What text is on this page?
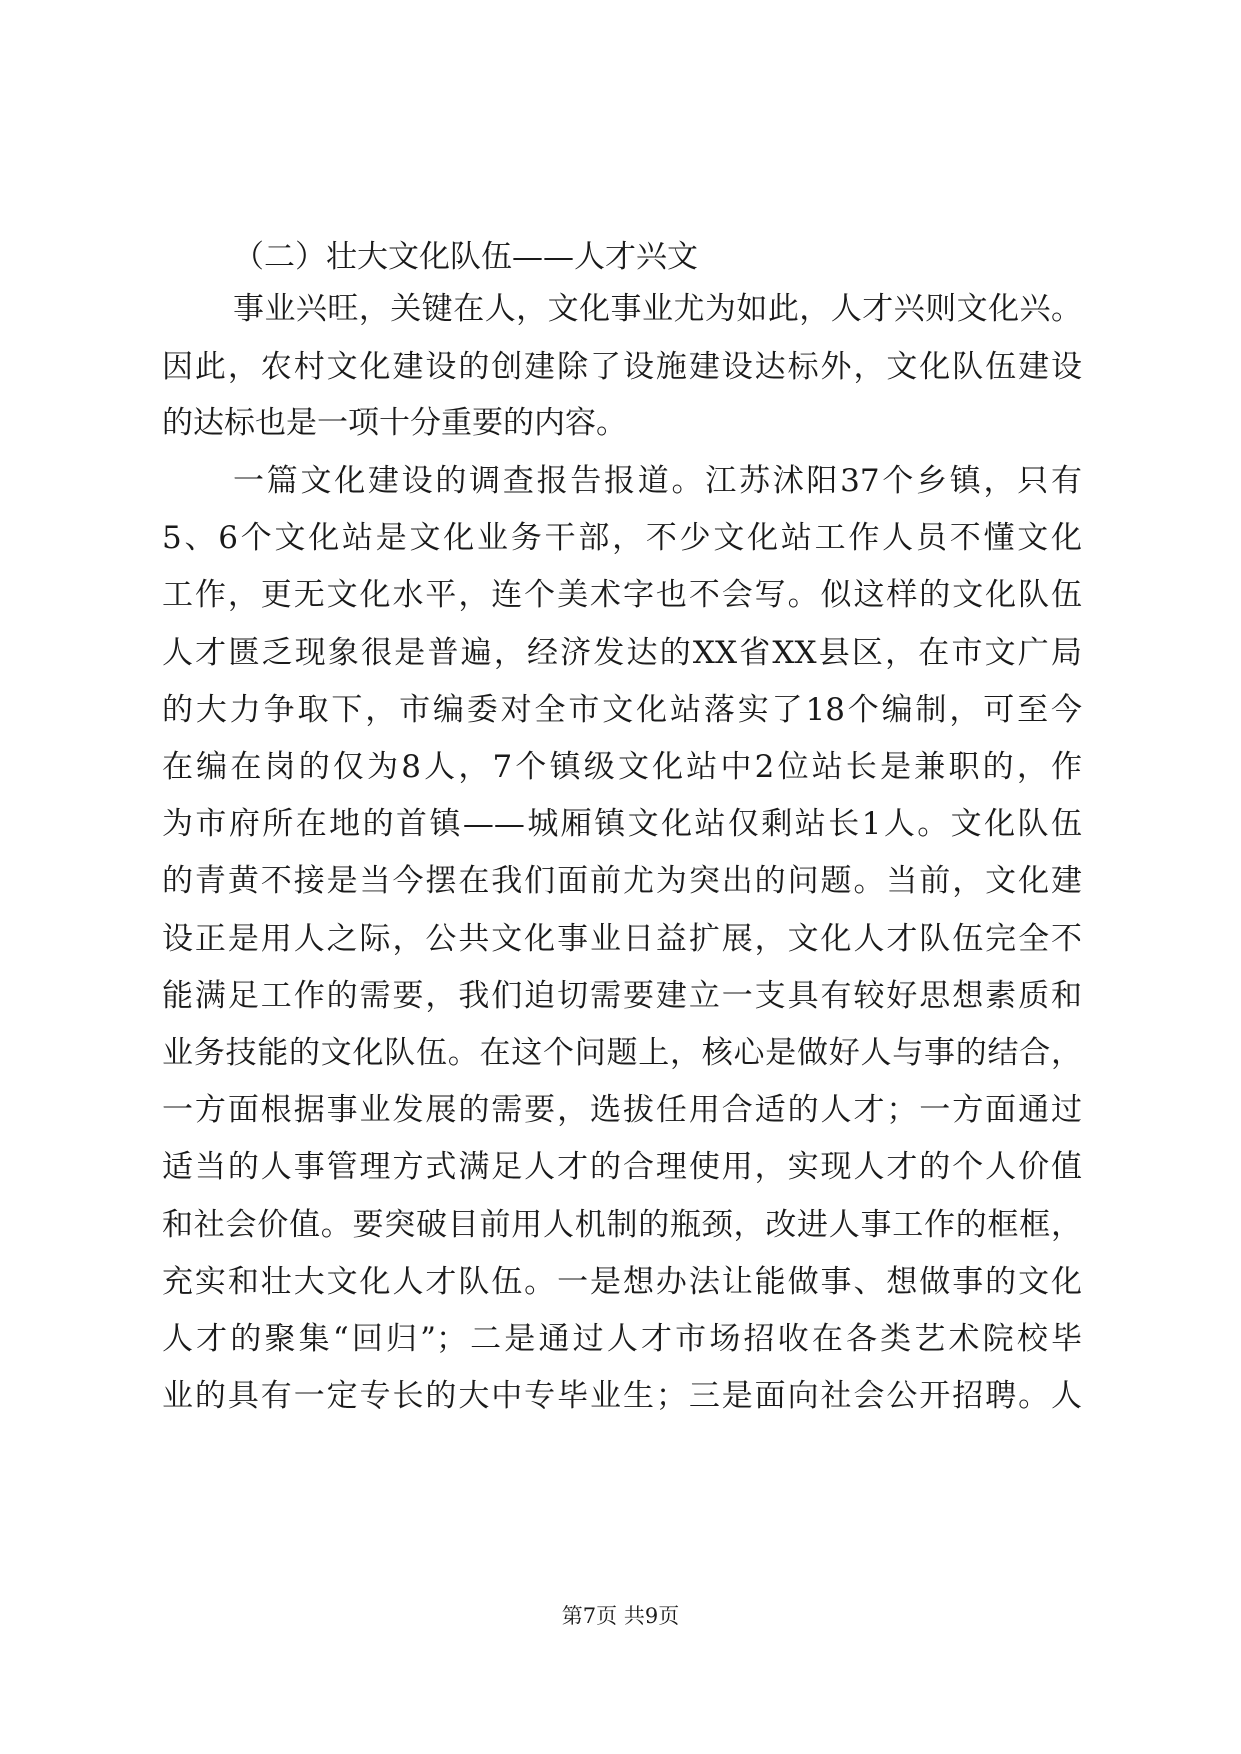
（二）壮大文化队伍——人才兴文
事业兴旺，关键在人，文化事业尤为如此，人才兴则文化兴。
因此，农村文化建设的创建除了设施建设达标外，文化队伍建设
的达标也是一项十分重要的内容。
一篇文化建设的调查报告报道。江苏沭阳37个乡镇，只有
5、6个文化站是文化业务干部，不少文化站工作人员不懂文化
工作，更无文化水平，连个美术字也不会写。似这样的文化队伍
人才匮乏现象很是普遍，经济发达的XX省XX县区，在市文广局
的大力争取下，市编委对全市文化站落实了18个编制，可至今
在编在岗的仅为8人，7个镇级文化站中2位站长是兼职的，作
为市府所在地的首镇——城厢镇文化站仅剩站长1人。文化队伍
的青黄不接是当今摆在我们面前尤为突出的问题。当前，文化建
设正是用人之际，公共文化事业日益扩展，文化人才队伍完全不
能满足工作的需要，我们迫切需要建立一支具有较好思想素质和
业务技能的文化队伍。在这个问题上，核心是做好人与事的结合，
一方面根据事业发展的需要，选拔任用合适的人才；一方面通过
适当的人事管理方式满足人才的合理使用，实现人才的个人价值
和社会价值。要突破目前用人机制的瓶颈，改进人事工作的框框，
充实和壮大文化人才队伍。一是想办法让能做事、想做事的文化
人才的聚集“回归”；二是通过人才市场招收在各类艺术院校毕
业的具有一定专长的大中专毕业生；三是面向社会公开招聘。人
第7页 共9页
